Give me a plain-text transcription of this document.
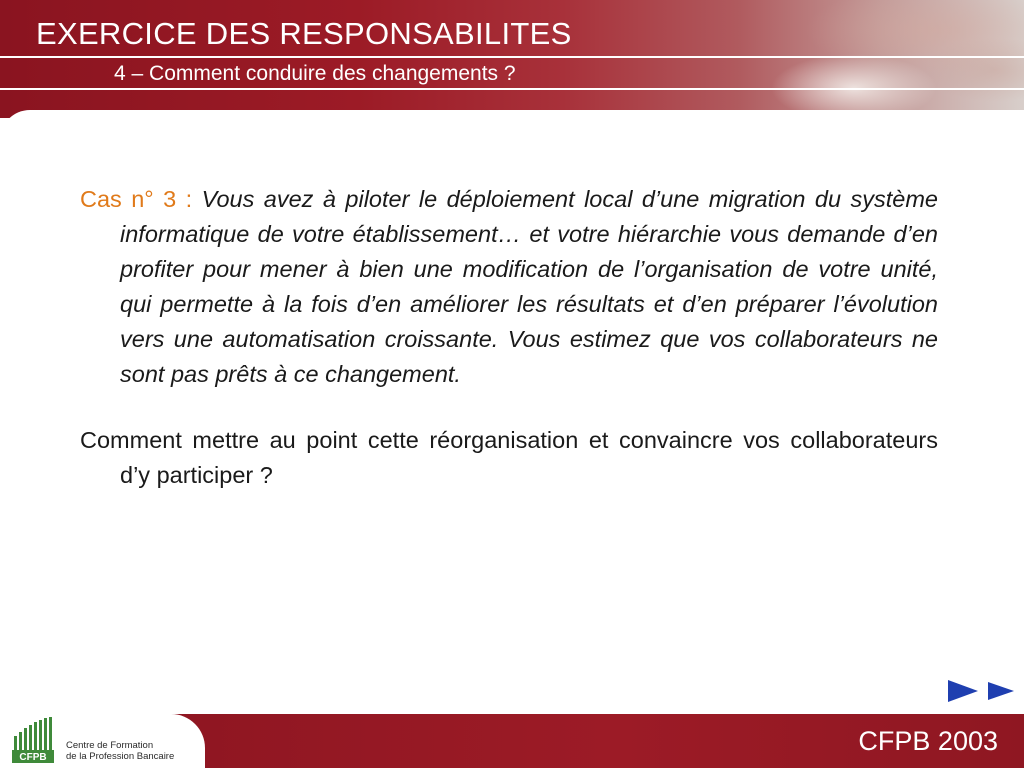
EXERCICE DES RESPONSABILITES
4 – Comment conduire des changements ?

Cas n° 3 : Vous avez à piloter le déploiement local d’une migration du système informatique de votre établissement… et votre hiérarchie vous demande d’en profiter pour mener à bien une modification de l’organisation de votre unité, qui permette à la fois d’en améliorer les résultats et d’en préparer l’évolution vers une automatisation croissante. Vous estimez que vos collaborateurs ne sont pas prêts à ce changement.

Comment mettre au point cette réorganisation et convaincre vos collaborateurs d’y participer ?

CFPB
Centre de Formation
de la Profession Bancaire
CFPB 2003
